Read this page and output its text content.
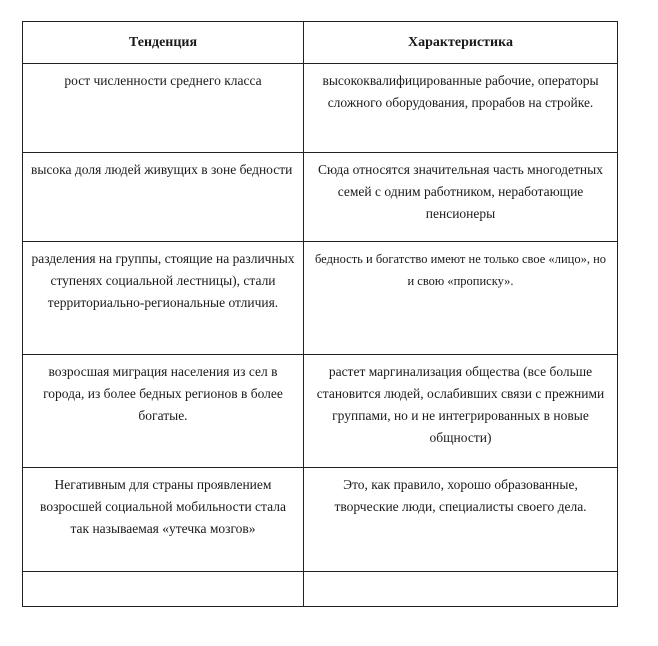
Тенденция	Характеристика
рост численности среднего класса	высококвалифицированные рабочие, операторы сложного оборудования, прорабов на стройке.
высока доля людей живущих в зоне бедности	Сюда относятся значительная часть многодетных семей с одним работником, неработающие пенсионеры
разделения на группы, стоящие на различных ступенях социальной лестницы), стали территориально-региональные отличия.	бедность и богатство имеют не только свое «лицо», но и свою «прописку».
возросшая миграция населения из сел в города, из более бедных регионов в более богатые.	растет маргинализация общества (все больше становится людей, ослабивших связи с прежними группами, но и не интегрированных в новые общности)
Негативным для страны проявлением возросшей социальной мобильности стала так называемая «утечка мозгов»	Это, как правило, хорошо образованные, творческие люди, специалисты своего дела.
